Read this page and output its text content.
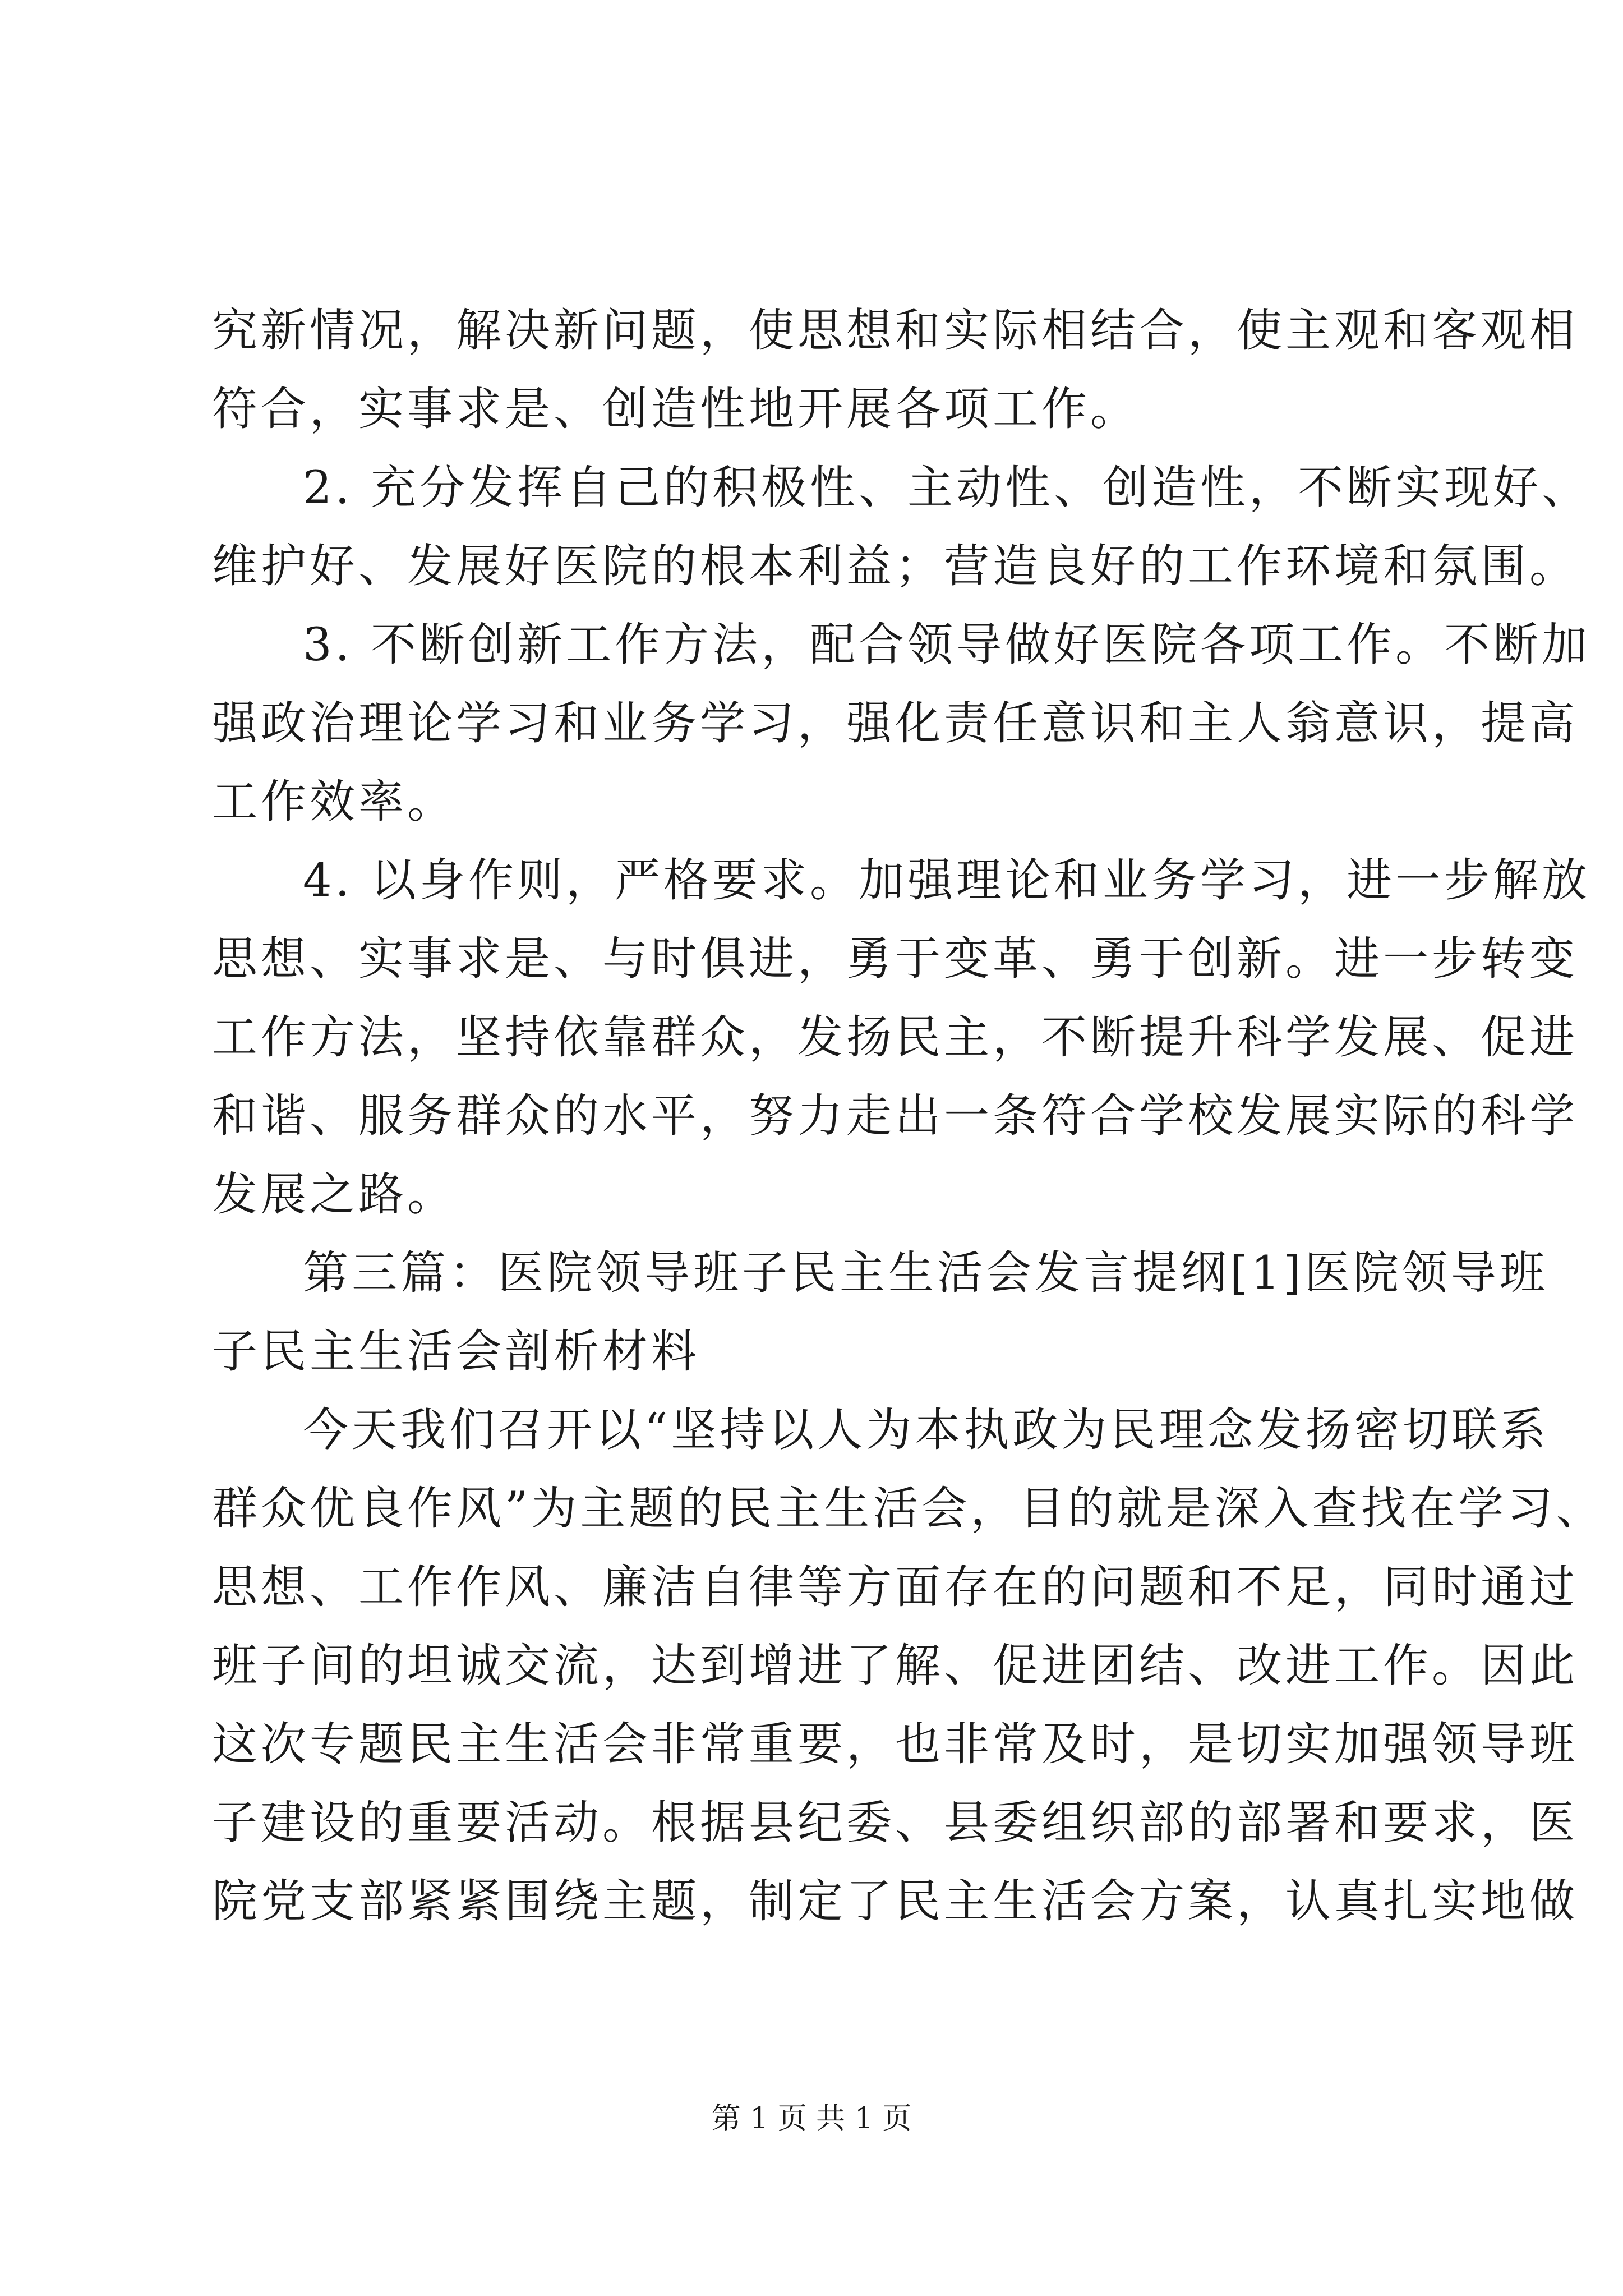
究新情况，解决新问题，使思想和实际相结合，使主观和客观相
符合，实事求是、创造性地开展各项工作。
2. 充分发挥自己的积极性、主动性、创造性，不断实现好、
维护好、发展好医院的根本利益；营造良好的工作环境和氛围。
3. 不断创新工作方法，配合领导做好医院各项工作。不断加
强政治理论学习和业务学习，强化责任意识和主人翁意识，提高
工作效率。
4. 以身作则，严格要求。加强理论和业务学习，进一步解放
思想、实事求是、与时俱进，勇于变革、勇于创新。进一步转变
工作方法，坚持依靠群众，发扬民主，不断提升科学发展、促进
和谐、服务群众的水平，努力走出一条符合学校发展实际的科学
发展之路。
第三篇：医院领导班子民主生活会发言提纲[1]医院领导班
子民主生活会剖析材料
今天我们召开以“坚持以人为本执政为民理念发扬密切联系
群众优良作风”为主题的民主生活会，目的就是深入查找在学习、
思想、工作作风、廉洁自律等方面存在的问题和不足，同时通过
班子间的坦诚交流，达到增进了解、促进团结、改进工作。因此
这次专题民主生活会非常重要，也非常及时，是切实加强领导班
子建设的重要活动。根据县纪委、县委组织部的部署和要求，医
院党支部紧紧围绕主题，制定了民主生活会方案，认真扎实地做
第 1 页 共 1 页
